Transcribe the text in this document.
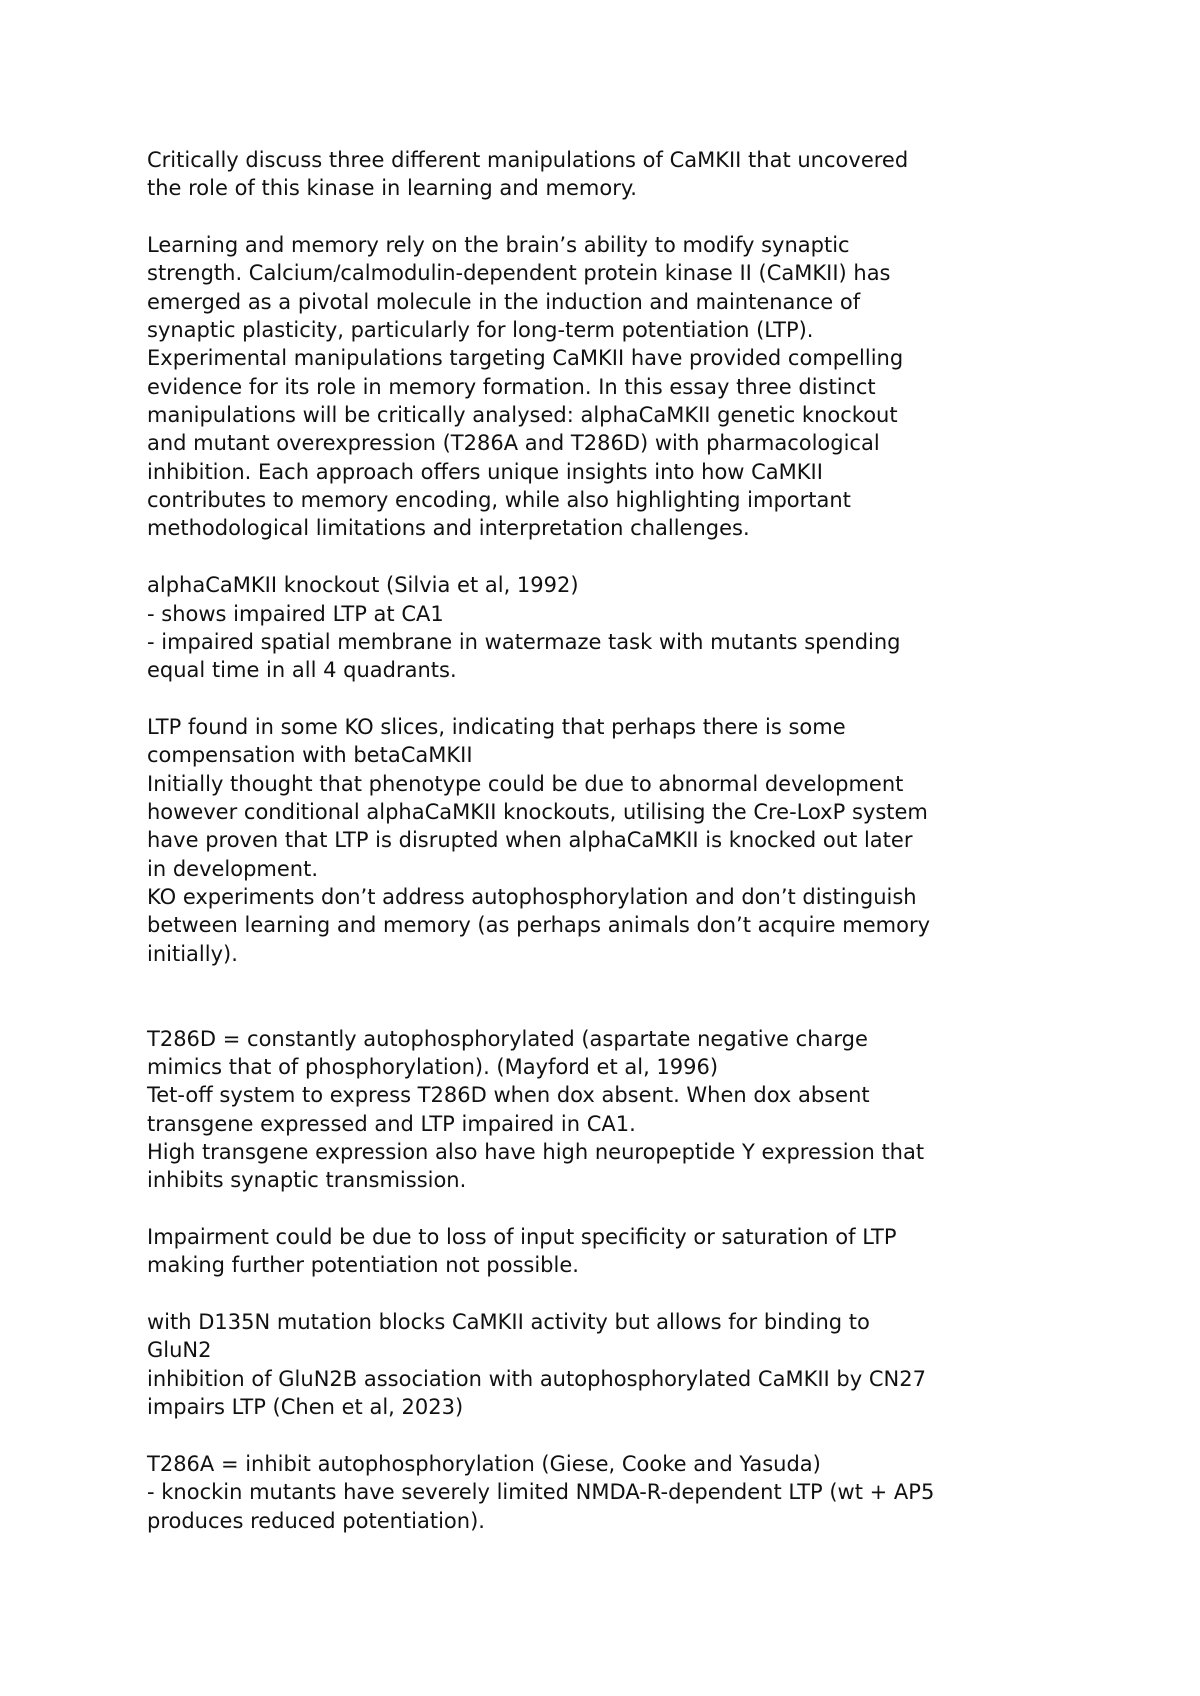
Critically discuss three different manipulations of CaMKII that uncovered
the role of this kinase in learning and memory.
Learning and memory rely on the brain’s ability to modify synaptic
strength. Calcium/calmodulin-dependent protein kinase II (CaMKII) has
emerged as a pivotal molecule in the induction and maintenance of
synaptic plasticity, particularly for long-term potentiation (LTP).
Experimental manipulations targeting CaMKII have provided compelling
evidence for its role in memory formation. In this essay three distinct
manipulations will be critically analysed: alphaCaMKII genetic knockout
and mutant overexpression (T286A and T286D) with pharmacological
inhibition. Each approach offers unique insights into how CaMKII
contributes to memory encoding, while also highlighting important
methodological limitations and interpretation challenges.
alphaCaMKII knockout (Silvia et al, 1992)
- shows impaired LTP at CA1
- impaired spatial membrane in watermaze task with mutants spending
equal time in all 4 quadrants.
LTP found in some KO slices, indicating that perhaps there is some
compensation with betaCaMKII
Initially thought that phenotype could be due to abnormal development
however conditional alphaCaMKII knockouts, utilising the Cre-LoxP system
have proven that LTP is disrupted when alphaCaMKII is knocked out later
in development.
KO experiments don’t address autophosphorylation and don’t distinguish
between learning and memory (as perhaps animals don’t acquire memory
initially).
T286D = constantly autophosphorylated (aspartate negative charge
mimics that of phosphorylation). (Mayford et al, 1996)
Tet-off system to express T286D when dox absent. When dox absent
transgene expressed and LTP impaired in CA1.
High transgene expression also have high neuropeptide Y expression that
inhibits synaptic transmission.
Impairment could be due to loss of input specificity or saturation of LTP
making further potentiation not possible.
with D135N mutation blocks CaMKII activity but allows for binding to
GluN2
inhibition of GluN2B association with autophosphorylated CaMKII by CN27
impairs LTP (Chen et al, 2023)
T286A = inhibit autophosphorylation (Giese, Cooke and Yasuda)
- knockin mutants have severely limited NMDA-R-dependent LTP (wt + AP5
produces reduced potentiation).
